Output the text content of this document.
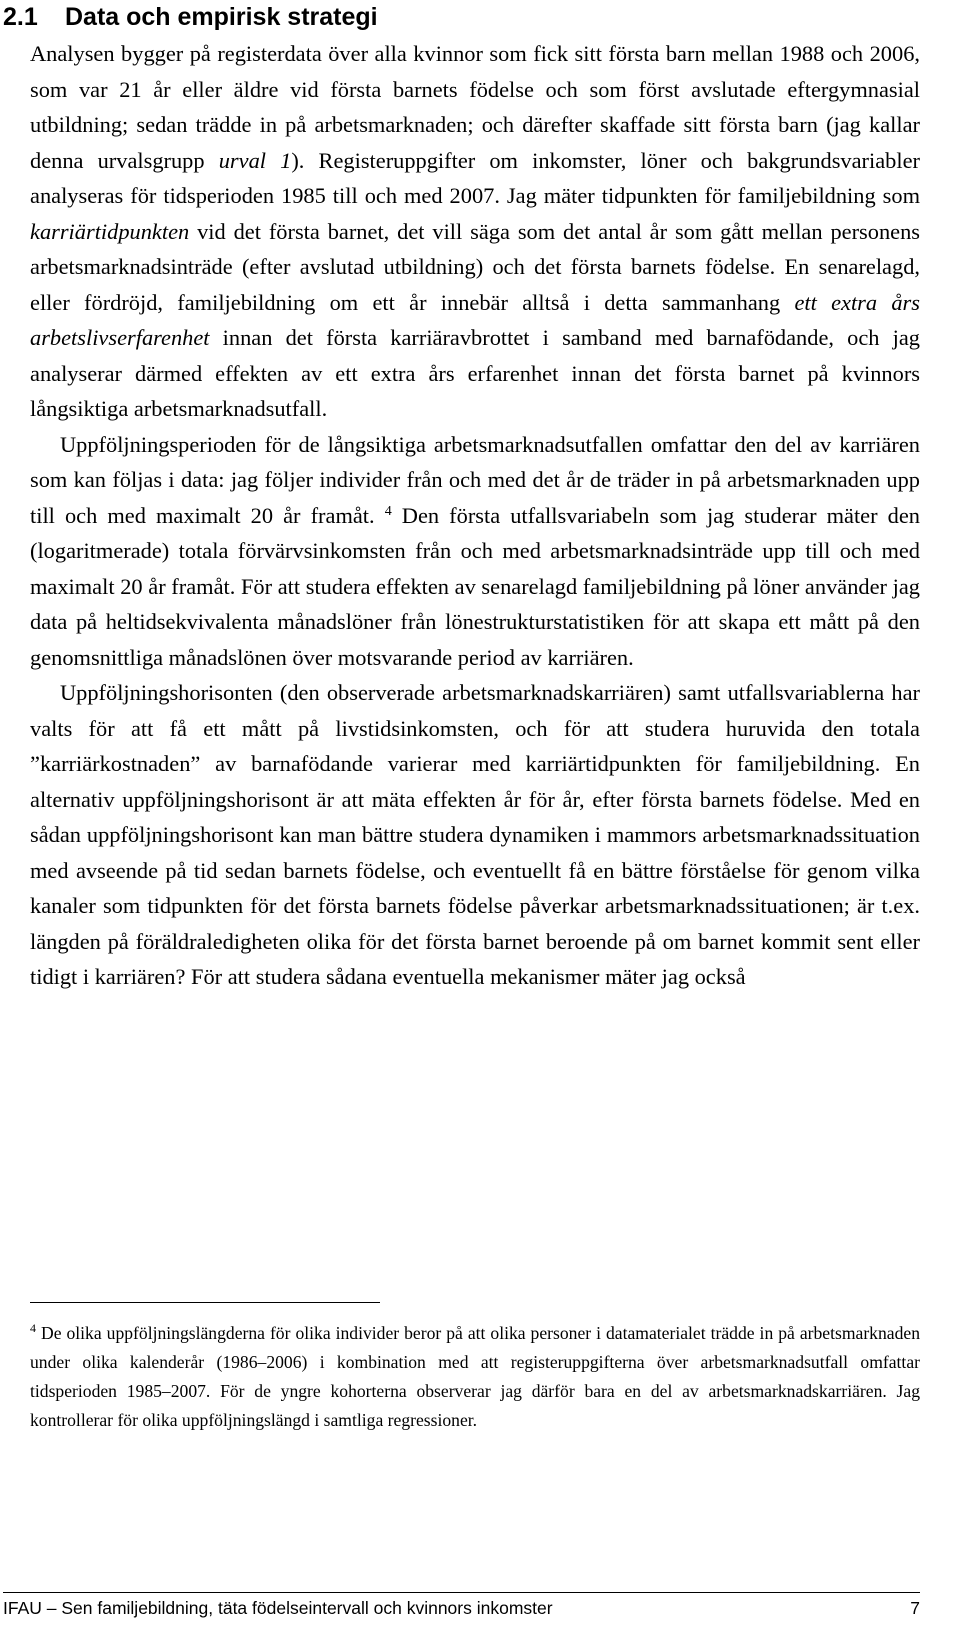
2.1 Data och empirisk strategi

Analysen bygger på registerdata över alla kvinnor som fick sitt första barn mellan 1988 och 2006, som var 21 år eller äldre vid första barnets födelse och som först avslutade eftergymnasial utbildning; sedan trädde in på arbetsmarknaden; och därefter skaffade sitt första barn (jag kallar denna urvalsgrupp urval 1). Registeruppgifter om inkomster, löner och bakgrundsvariabler analyseras för tidsperioden 1985 till och med 2007. Jag mäter tidpunkten för familjebildning som karriärtidpunkten vid det första barnet, det vill säga som det antal år som gått mellan personens arbetsmarknadsinträde (efter avslutad utbildning) och det första barnets födelse. En senarelagd, eller fördröjd, familjebildning om ett år innebär alltså i detta sammanhang ett extra års arbetslivserfarenhet innan det första karriäravbrottet i samband med barnafödande, och jag analyserar därmed effekten av ett extra års erfarenhet innan det första barnet på kvinnors långsiktiga arbetsmarknadsutfall.

Uppföljningsperioden för de långsiktiga arbetsmarknadsutfallen omfattar den del av karriären som kan följas i data: jag följer individer från och med det år de träder in på arbetsmarknaden upp till och med maximalt 20 år framåt. $^4$ Den första utfallsvariabeln som jag studerar mäter den (logaritmerade) totala förvärvsinkomsten från och med arbetsmarknadsinträde upp till och med maximalt 20 år framåt. För att studera effekten av senarelagd familjebildning på löner använder jag data på heltidsekvivalenta månadslöner från lönestrukturstatistiken för att skapa ett mått på den genomsnittliga månadslönen över motsvarande period av karriären.

Uppföljningshorisonten (den observerade arbetsmarknadskarriären) samt utfallsvariablerna har valts för att få ett mått på livstidsinkomsten, och för att studera huruvida den totala ”karriärkostnaden” av barnafödande varierar med karriärtidpunkten för familjebildning. En alternativ uppföljningshorisont är att mäta effekten år för år, efter första barnets födelse. Med en sådan uppföljningshorisont kan man bättre studera dynamiken i mammors arbetsmarknadssituation med avseende på tid sedan barnets födelse, och eventuellt få en bättre förståelse för genom vilka kanaler som tidpunkten för det första barnets födelse påverkar arbetsmarknadssituationen; är t.ex. längden på föräldraledigheten olika för det första barnet beroende på om barnet kommit sent eller tidigt i karriären? För att studera sådana eventuella mekanismer mäter jag också

$^4$ De olika uppföljningslängderna för olika individer beror på att olika personer i datamaterialet trädde in på arbetsmarknaden under olika kalenderår (1986–2006) i kombination med att registeruppgifterna över arbetsmarknadsutfall omfattar tidsperioden 1985–2007. För de yngre kohorterna observerar jag därför bara en del av arbetsmarknadskarriären. Jag kontrollerar för olika uppföljningslängd i samtliga regressioner.

IFAU – Sen familjebildning, täta födelseintervall och kvinnors inkomster	7
